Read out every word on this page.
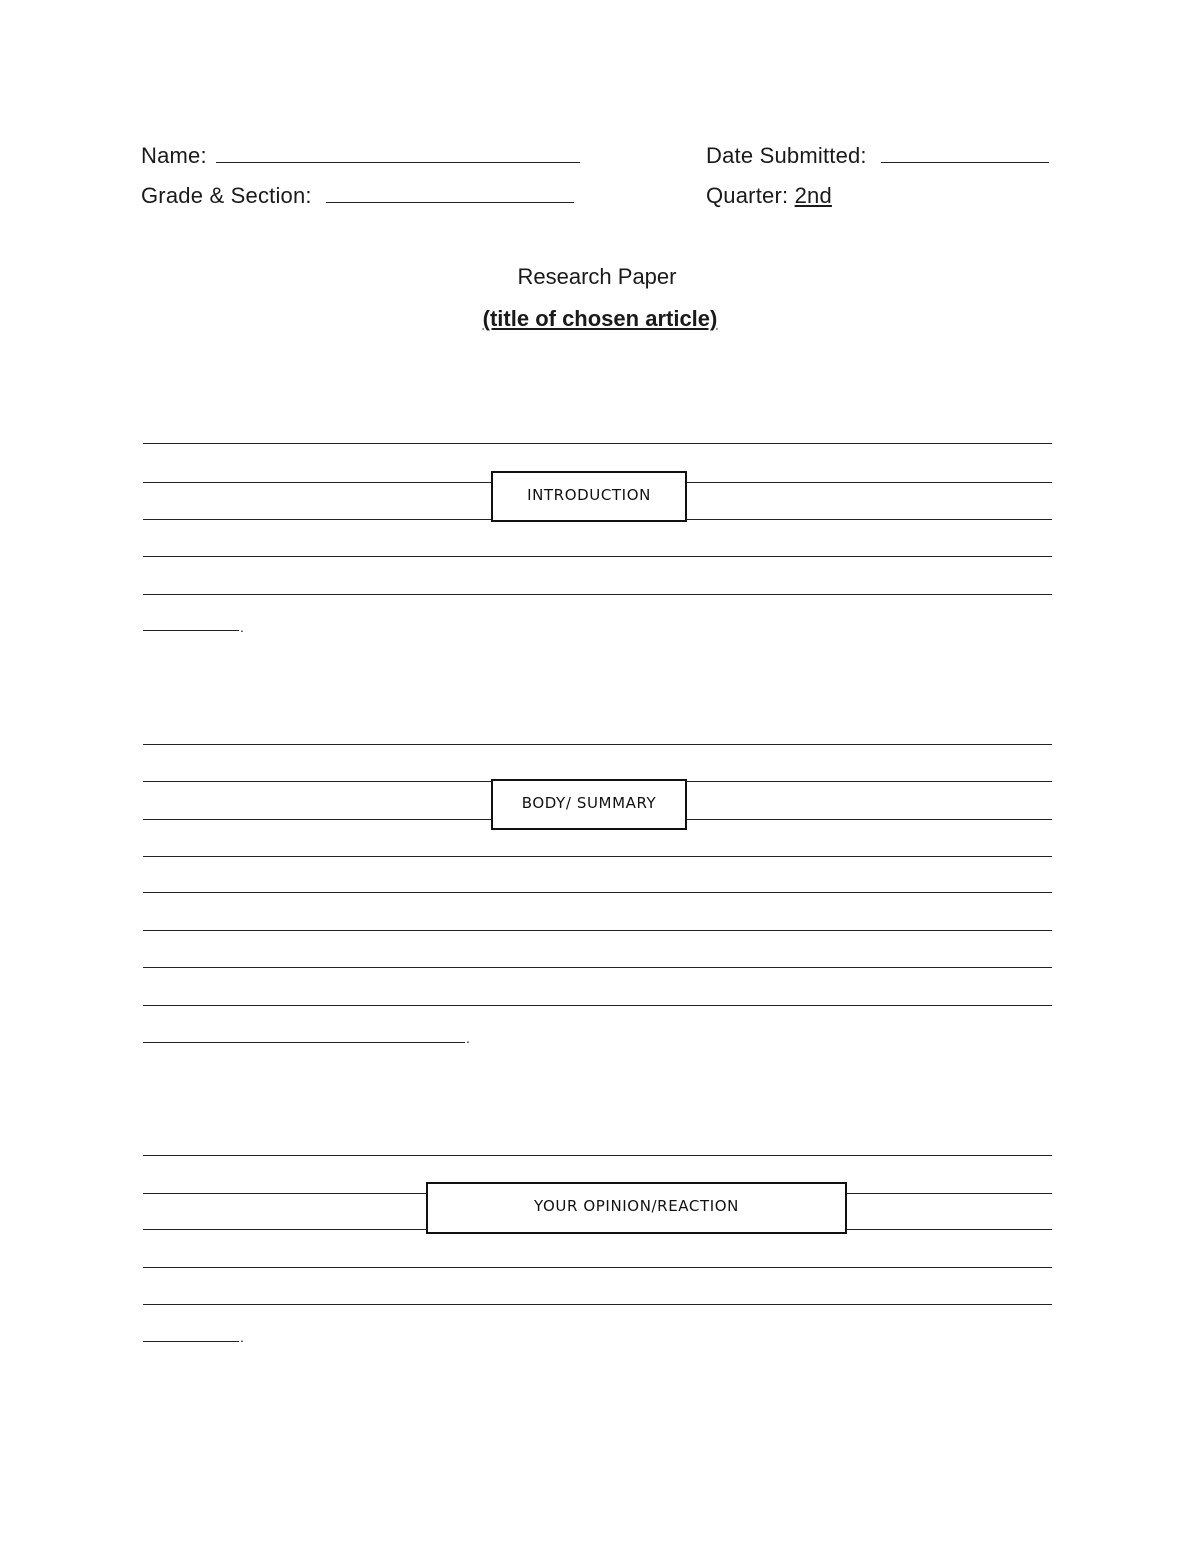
Name:	Date Submitted:
Grade & Section:	Quarter: 2nd
Research Paper
(title of chosen article)
.
INTRODUCTION
.
BODY/ SUMMARY
.
YOUR OPINION/REACTION
